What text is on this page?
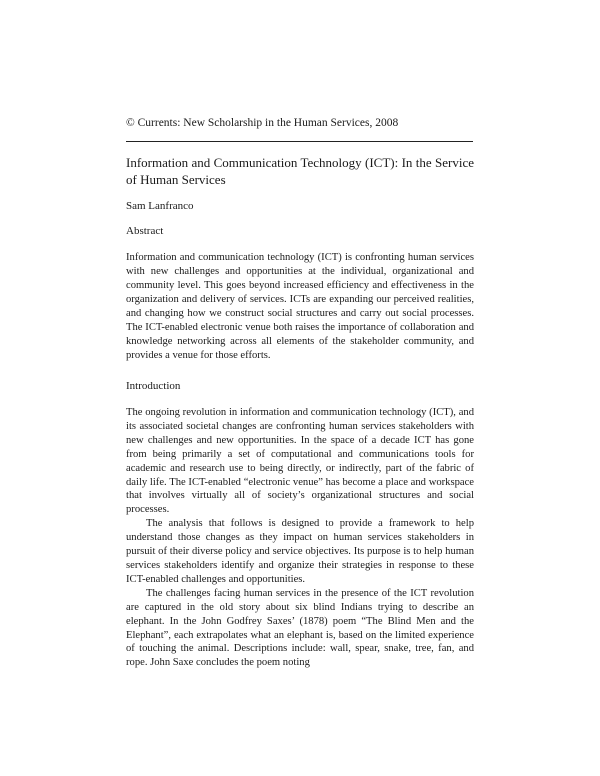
© Currents: New Scholarship in the Human Services, 2008
Information and Communication Technology (ICT): In the Service of Human Services
Sam Lanfranco
Abstract

Information and communication technology (ICT) is confronting human services with new challenges and opportunities at the individual, organizational and community level. This goes beyond increased efficiency and effectiveness in the organization and delivery of services. ICTs are expanding our perceived realities, and changing how we construct social structures and carry out social processes. The ICT-enabled electronic venue both raises the importance of collaboration and knowledge networking across all elements of the stakeholder community, and provides a venue for those efforts.

Introduction

The ongoing revolution in information and communication technology (ICT), and its associated societal changes are confronting human services stakeholders with new challenges and new opportunities. In the space of a decade ICT has gone from being primarily a set of computational and communications tools for academic and research use to being directly, or indirectly, part of the fabric of daily life. The ICT-enabled “electronic venue” has become a place and workspace that involves virtually all of society’s organizational structures and social processes.

The analysis that follows is designed to provide a framework to help understand those changes as they impact on human services stakeholders in pursuit of their diverse policy and service objectives. Its purpose is to help human services stakeholders identify and organize their strategies in response to these ICT-enabled challenges and opportunities.

The challenges facing human services in the presence of the ICT revolution are captured in the old story about six blind Indians trying to describe an elephant. In the John Godfrey Saxes’ (1878) poem “The Blind Men and the Elephant”, each extrapolates what an elephant is, based on the limited experience of touching the animal. Descriptions include: wall, spear, snake, tree, fan, and rope. John Saxe concludes the poem noting
